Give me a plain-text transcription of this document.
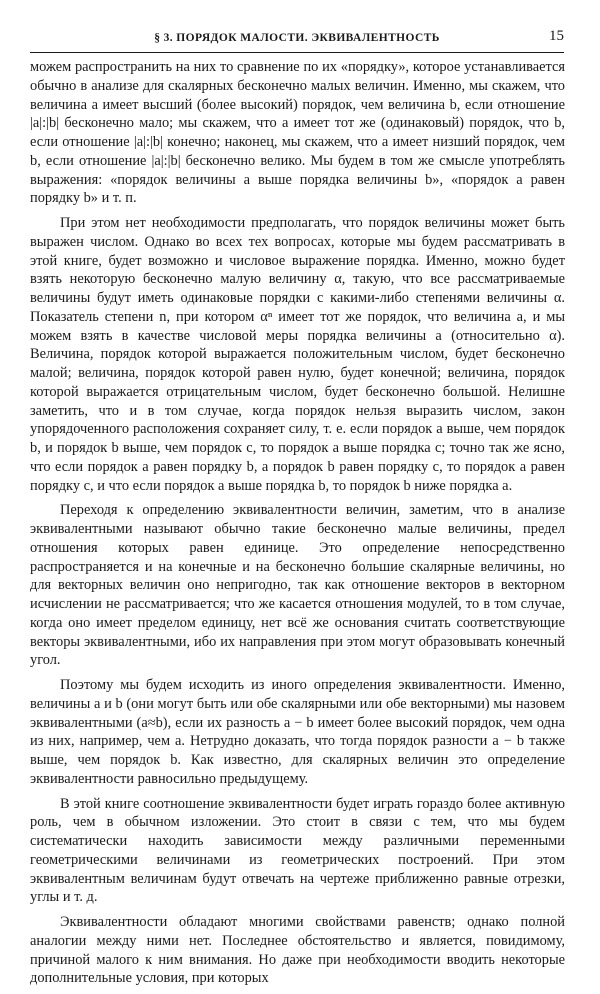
§ 3. ПОРЯДОК МАЛОСТИ. ЭКВИВАЛЕНТНОСТЬ	15

можем распространить на них то сравнение по их «порядку», которое устанавливается обычно в анализе для скалярных бесконечно малых величин. Именно, мы скажем, что величина a имеет высший (более высокий) порядок, чем величина b, если отношение |a|:|b| бесконечно мало; мы скажем, что a имеет тот же (одинаковый) порядок, что b, если отношение |a|:|b| конечно; наконец, мы скажем, что a имеет низший порядок, чем b, если отношение |a|:|b| бесконечно велико. Мы будем в том же смысле употреблять выражения: «порядок величины a выше порядка величины b», «порядок a равен порядку b» и т. п.

При этом нет необходимости предполагать, что порядок величины может быть выражен числом. Однако во всех тех вопросах, которые мы будем рассматривать в этой книге, будет возможно и числовое выражение порядка. Именно, можно будет взять некоторую бесконечно малую величину α, такую, что все рассматриваемые величины будут иметь одинаковые порядки с какими-либо степенями величины α. Показатель степени n, при котором αⁿ имеет тот же порядок, что величина a, и мы можем взять в качестве числовой меры порядка величины a (относительно α). Величина, порядок которой выражается положительным числом, будет бесконечно малой; величина, порядок которой равен нулю, будет конечной; величина, порядок которой выражается отрицательным числом, будет бесконечно большой. Нелишне заметить, что и в том случае, когда порядок нельзя выразить числом, закон упорядоченного расположения сохраняет силу, т. е. если порядок a выше, чем порядок b, и порядок b выше, чем порядок c, то порядок a выше порядка c; точно так же ясно, что если порядок a равен порядку b, а порядок b равен порядку c, то порядок a равен порядку c, и что если порядок a выше порядка b, то порядок b ниже порядка a.

Переходя к определению эквивалентности величин, заметим, что в анализе эквивалентными называют обычно такие бесконечно малые величины, предел отношения которых равен единице. Это определение непосредственно распространяется и на конечные и на бесконечно большие скалярные величины, но для векторных величин оно непригодно, так как отношение векторов в векторном исчислении не рассматривается; что же касается отношения модулей, то в том случае, когда оно имеет пределом единицу, нет всё же основания считать соответствующие векторы эквивалентными, ибо их направления при этом могут образовывать конечный угол.

Поэтому мы будем исходить из иного определения эквивалентности. Именно, величины a и b (они могут быть или обе скалярными или обе векторными) мы назовем эквивалентными (a≈b), если их разность a − b имеет более высокий порядок, чем одна из них, например, чем a. Нетрудно доказать, что тогда порядок разности a − b также выше, чем порядок b. Как известно, для скалярных величин это определение эквивалентности равносильно предыдущему.

В этой книге соотношение эквивалентности будет играть гораздо более активную роль, чем в обычном изложении. Это стоит в связи с тем, что мы будем систематически находить зависимости между различными переменными геометрическими величинами из геометрических построений. При этом эквивалентным величинам будут отвечать на чертеже приближенно равные отрезки, углы и т. д.

Эквивалентности обладают многими свойствами равенств; однако полной аналогии между ними нет. Последнее обстоятельство и является, повидимому, причиной малого к ним внимания. Но даже при необходимости вводить некоторые дополнительные условия, при которых
